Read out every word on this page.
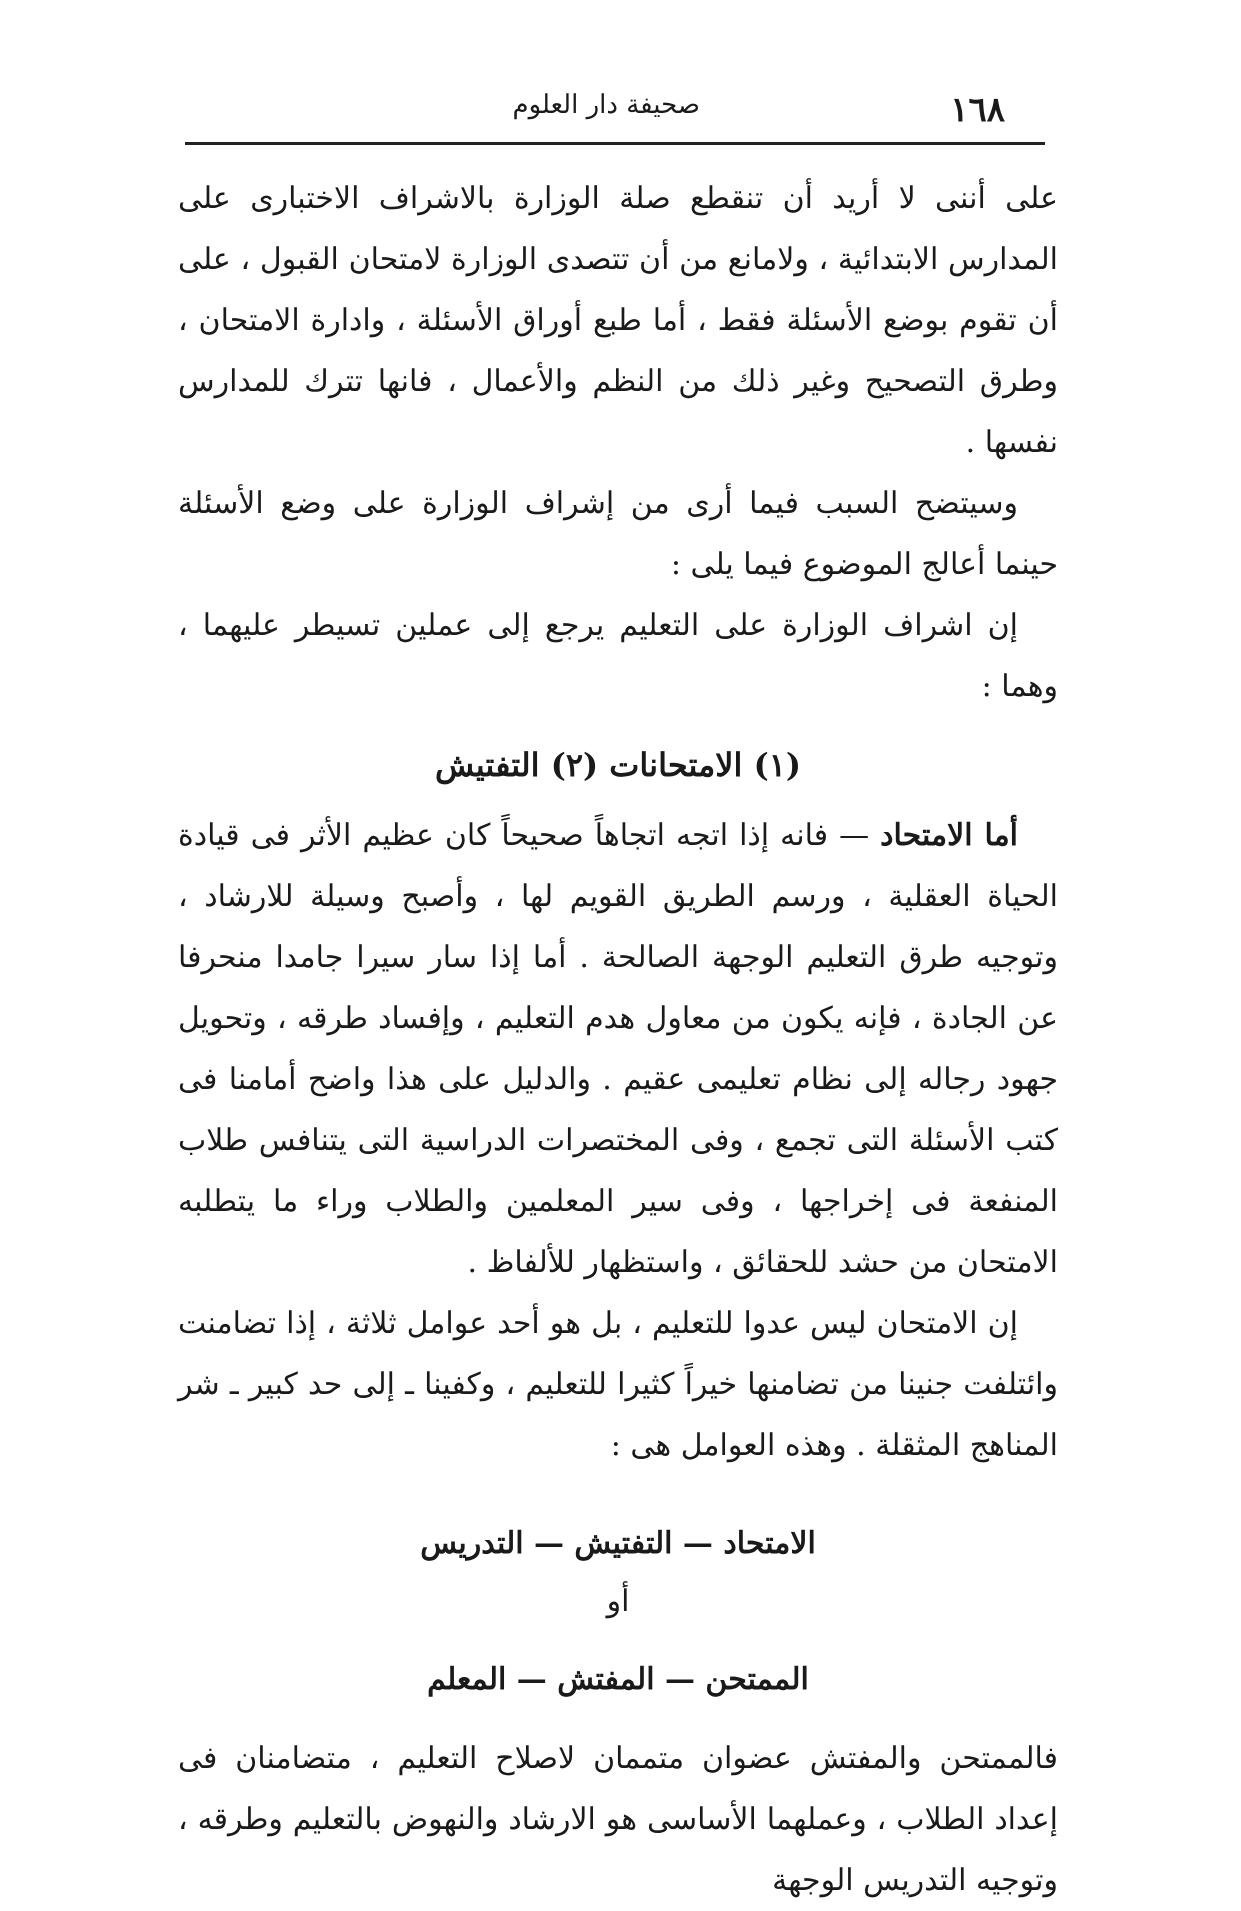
١٦٨
صحيفة دار العلوم

على أننى لا أريد أن تنقطع صلة الوزارة بالاشراف الاختبارى على المدارس الابتدائية ، ولامانع من أن تتصدى الوزارة لامتحان القبول ، على أن تقوم بوضع الأسئلة فقط ، أما طبع أوراق الأسئلة ، وادارة الامتحان ، وطرق التصحيح وغير ذلك من النظم والأعمال ، فانها تترك للمدارس نفسها .

وسيتضح السبب فيما أرى من إشراف الوزارة على وضع الأسئلة حينما أعالج الموضوع فيما يلى :

إن اشراف الوزارة على التعليم يرجع إلى عملين تسيطر عليهما ، وهما :

(١) الامتحانات (٢) التفتيش

أما الامتحاد — فانه إذا اتجه اتجاهاً صحيحاً كان عظيم الأثر فى قيادة الحياة العقلية ، ورسم الطريق القويم لها ، وأصبح وسيلة للارشاد ، وتوجيه طرق التعليم الوجهة الصالحة . أما إذا سار سيرا جامدا منحرفا عن الجادة ، فإنه يكون من معاول هدم التعليم ، وإفساد طرقه ، وتحويل جهود رجاله إلى نظام تعليمى عقيم . والدليل على هذا واضح أمامنا فى كتب الأسئلة التى تجمع ، وفى المختصرات الدراسية التى يتنافس طلاب المنفعة فى إخراجها ، وفى سير المعلمين والطلاب وراء ما يتطلبه الامتحان من حشد للحقائق ، واستظهار للألفاظ .

إن الامتحان ليس عدوا للتعليم ، بل هو أحد عوامل ثلاثة ، إذا تضامنت وائتلفت جنينا من تضامنها خيراً كثيرا للتعليم ، وكفينا ـ إلى حد كبير ـ شر المناهج المثقلة . وهذه العوامل هى :

الامتحاد — التفتيش — التدريس

أو

الممتحن — المفتش — المعلم

فالممتحن والمفتش عضوان متممان لاصلاح التعليم ، متضامنان فى إعداد الطلاب ، وعملهما الأساسى هو الارشاد والنهوض بالتعليم وطرقه ، وتوجيه التدريس الوجهة
